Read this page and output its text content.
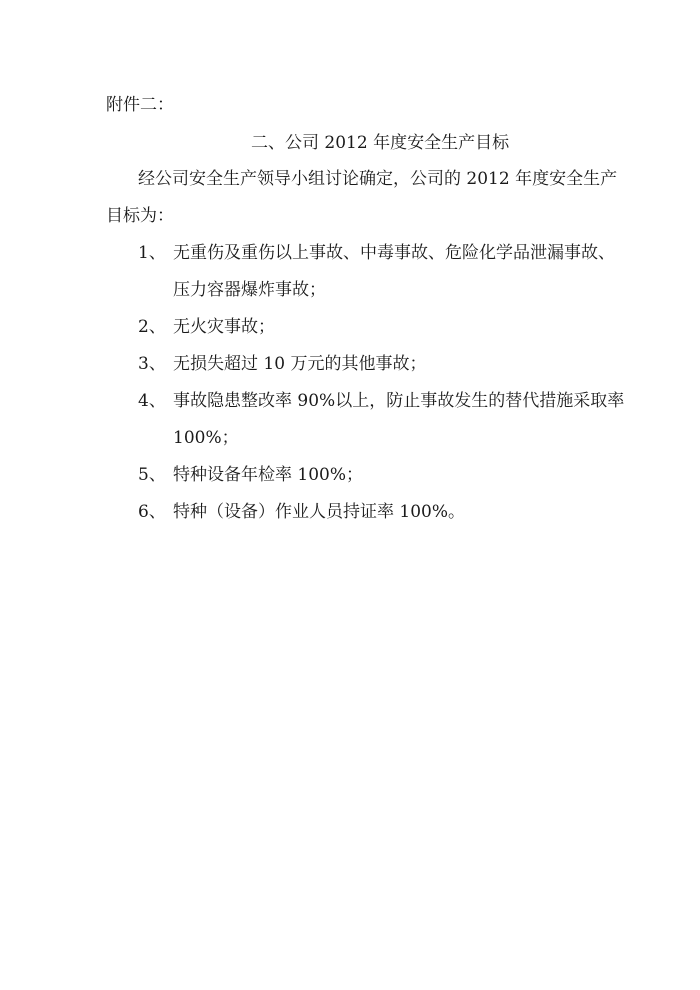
附件二：
二、公司 2012 年度安全生产目标
经公司安全生产领导小组讨论确定，公司的 2012 年度安全生产
目标为：
1、 无重伤及重伤以上事故、中毒事故、危险化学品泄漏事故、
压力容器爆炸事故；
2、 无火灾事故；
3、 无损失超过 10 万元的其他事故；
4、 事故隐患整改率 90%以上，防止事故发生的替代措施采取率
100%；
5、 特种设备年检率 100%；
6、 特种（设备）作业人员持证率 100%。
